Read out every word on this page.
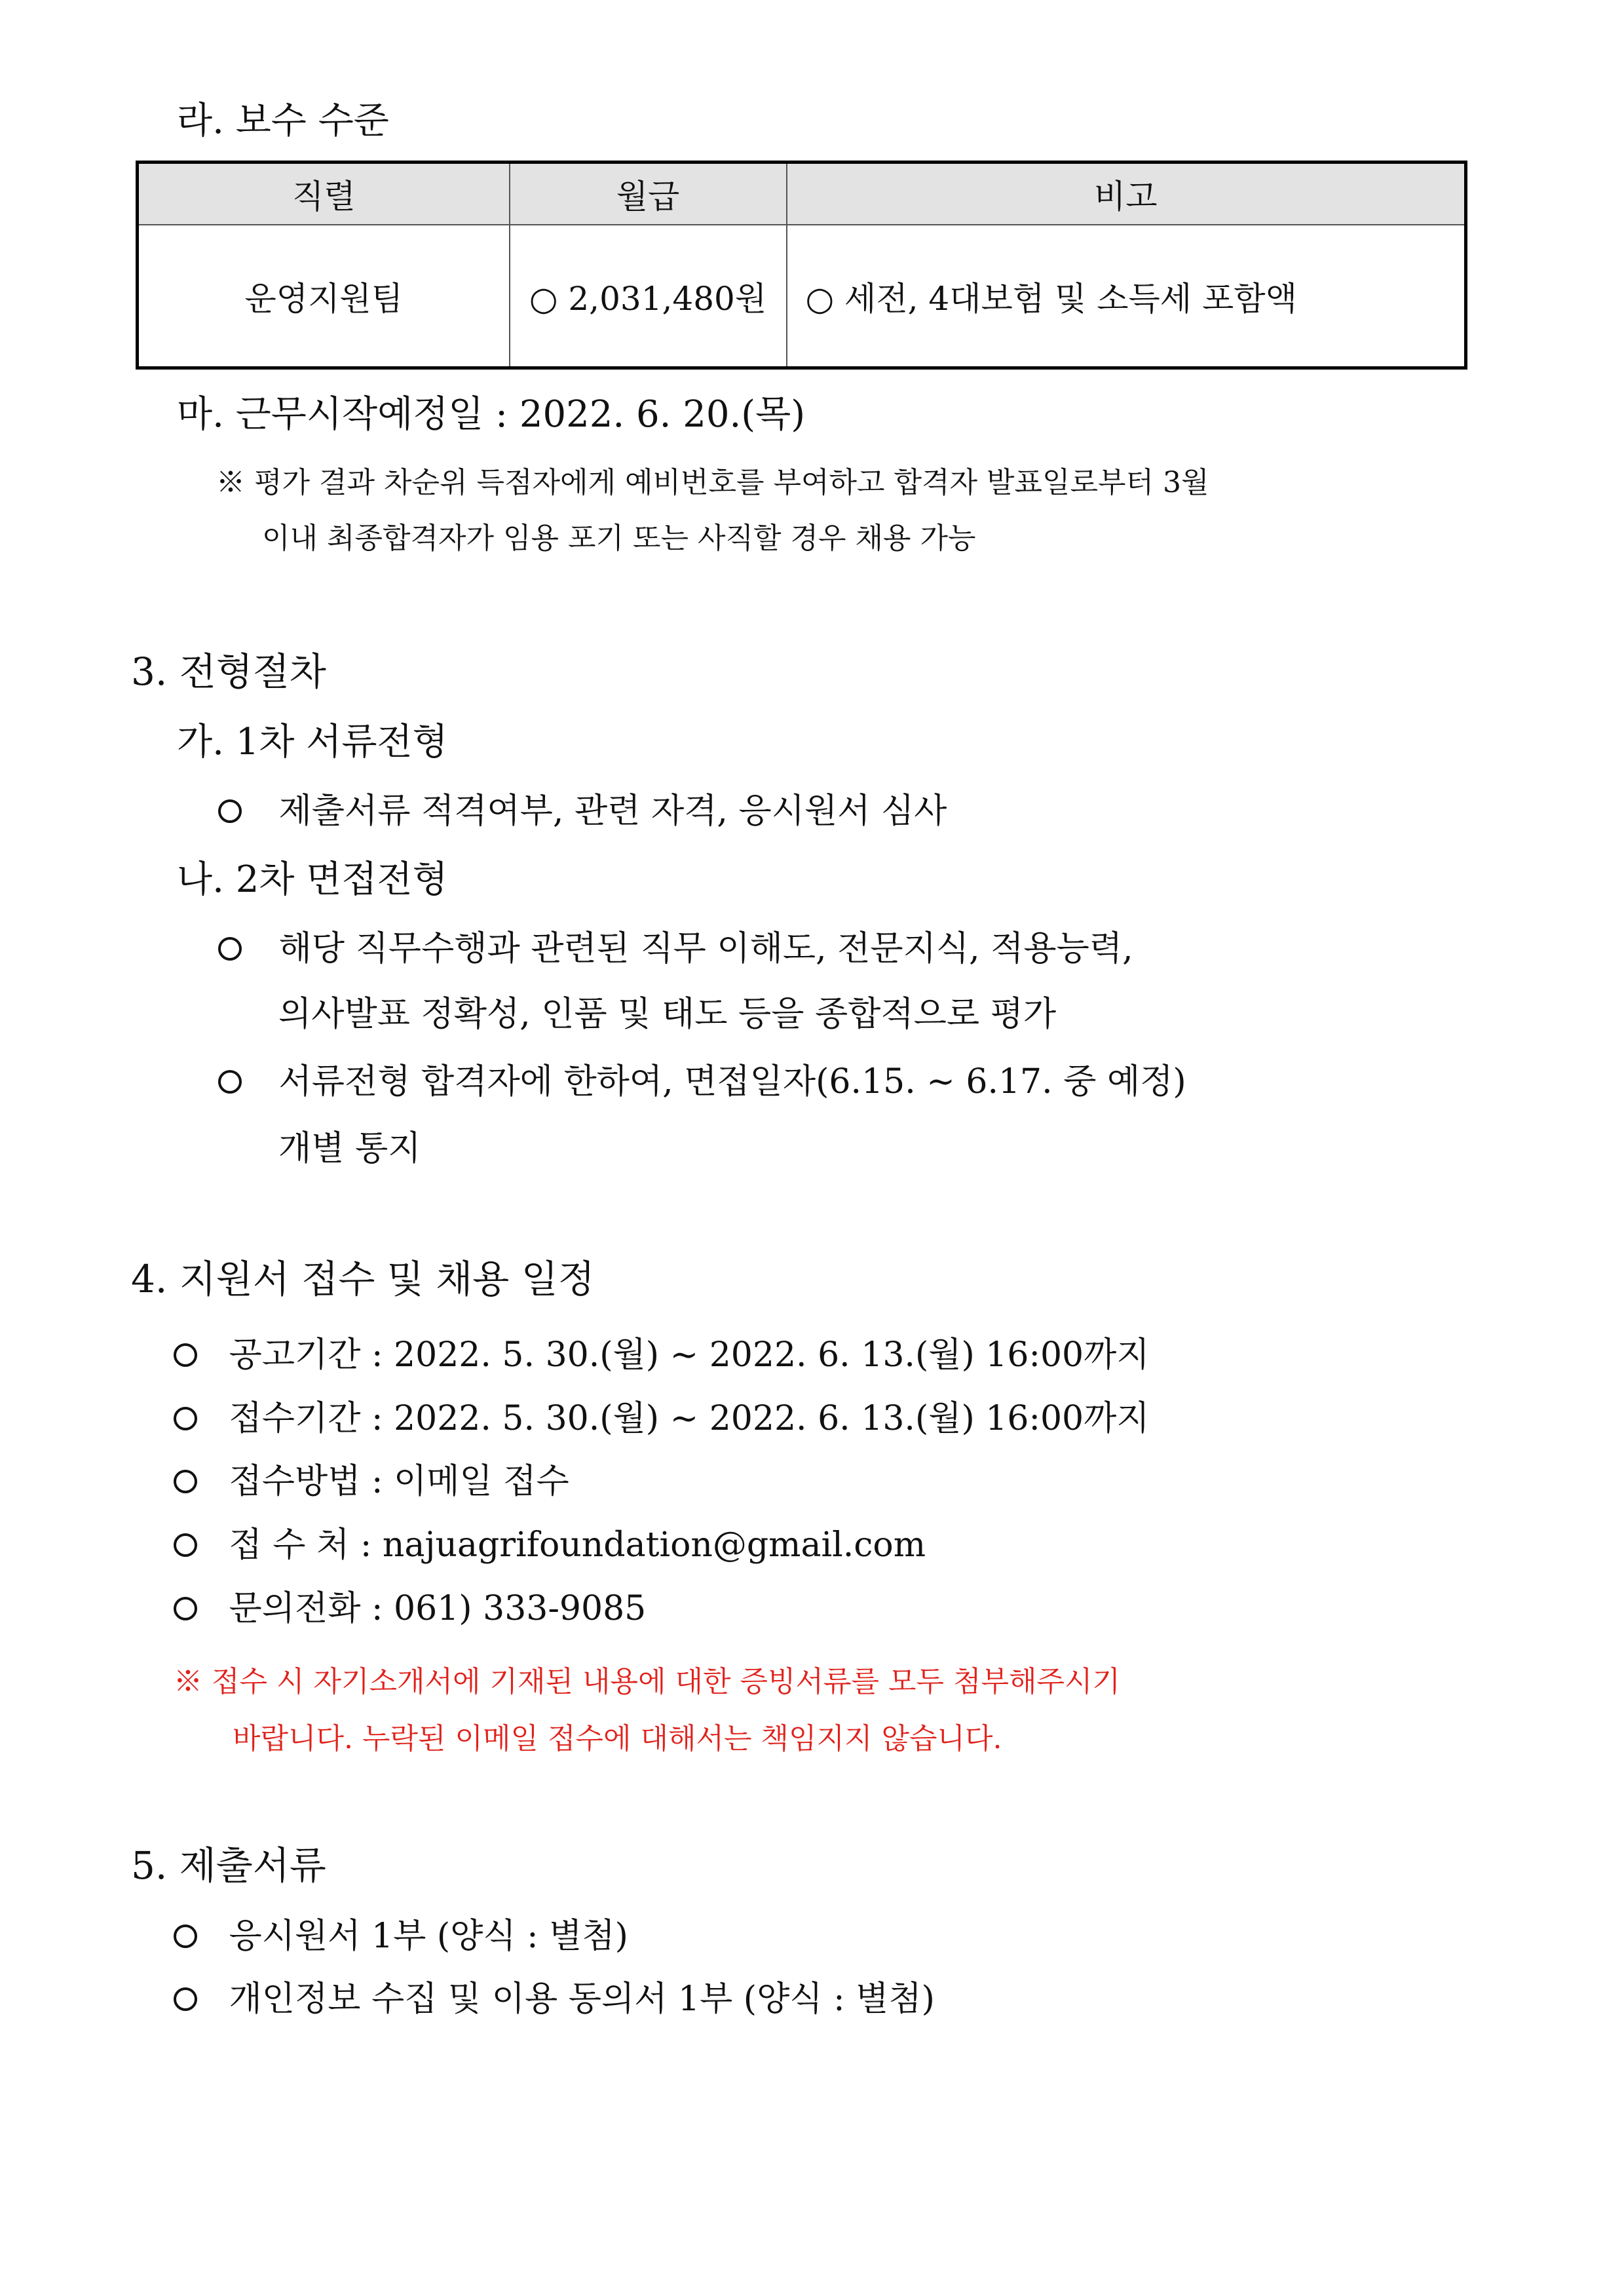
라. 보수 수준
직렬	월급	비고
운영지원팀	○ 2,031,480원	○ 세전, 4대보험 및 소득세 포함액
마. 근무시작예정일 : 2022. 6. 20.(목)
※ 평가 결과 차순위 득점자에게 예비번호를 부여하고 합격자 발표일로부터 3월
이내 최종합격자가 임용 포기 또는 사직할 경우 채용 가능
3. 전형절차
가. 1차 서류전형
제출서류 적격여부, 관련 자격, 응시원서 심사
나. 2차 면접전형
해당 직무수행과 관련된 직무 이해도, 전문지식, 적용능력,
의사발표 정확성, 인품 및 태도 등을 종합적으로 평가
서류전형 합격자에 한하여, 면접일자(6.15. ~ 6.17. 중 예정)
개별 통지
4. 지원서 접수 및 채용 일정
공고기간 : 2022. 5. 30.(월) ∼ 2022. 6. 13.(월) 16:00까지
접수기간 : 2022. 5. 30.(월) ∼ 2022. 6. 13.(월) 16:00까지
접수방법 : 이메일 접수
접 수 처 : najuagrifoundation@gmail.com
문의전화 : 061) 333-9085
※ 접수 시 자기소개서에 기재된 내용에 대한 증빙서류를 모두 첨부해주시기
바랍니다. 누락된 이메일 접수에 대해서는 책임지지 않습니다.
5. 제출서류
응시원서 1부 (양식 : 별첨)
개인정보 수집 및 이용 동의서 1부 (양식 : 별첨)
